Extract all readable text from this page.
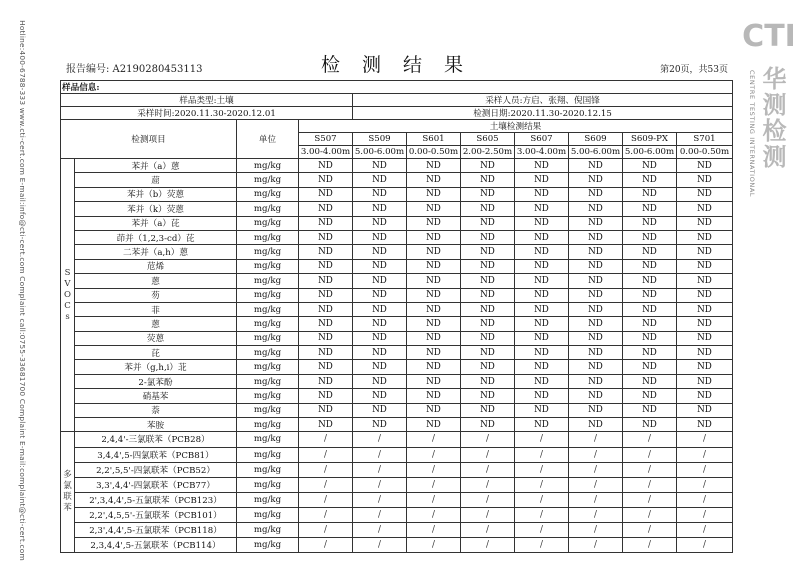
Hotline:400-6788-333 www.cti-cert.com E-mail:info@cti-cert.com Complaint call:0755-33681700 Complaint E-mail:complaint@cti-cert.com	CTI
CENTRE TESTING INTERNATIONAL 华测检测
报告编号: A2190280453113	检 测 结 果	第20页，共53页
样品信息:										
样品类型:土壤				采样人员:方启、张翔、倪国锋						
采样时间:2020.11.30-2020.12.01				检测日期:2020.11.30-2020.12.15						
检测项目		单位	土壤检测结果							
			S507	S509	S601	S605	S607	S609	S609-PX	S701
			3.00-4.00m	5.00-6.00m	0.00-0.50m	2.00-2.50m	3.00-4.00m	5.00-6.00m	5.00-6.00m	0.00-0.50m

S
V
O
C
s	苯并（a）蒽	mg/kg	ND	ND	ND	ND	ND	ND	ND	ND
	䓛	mg/kg	ND	ND	ND	ND	ND	ND	ND	ND
	苯并（b）荧蒽	mg/kg	ND	ND	ND	ND	ND	ND	ND	ND
	苯并（k）荧蒽	mg/kg	ND	ND	ND	ND	ND	ND	ND	ND
	苯并（a）芘	mg/kg	ND	ND	ND	ND	ND	ND	ND	ND
	茚并（1,2,3-cd）芘	mg/kg	ND	ND	ND	ND	ND	ND	ND	ND
	二苯并（a,h）蒽	mg/kg	ND	ND	ND	ND	ND	ND	ND	ND
	苊烯	mg/kg	ND	ND	ND	ND	ND	ND	ND	ND
	蒽	mg/kg	ND	ND	ND	ND	ND	ND	ND	ND
	芴	mg/kg	ND	ND	ND	ND	ND	ND	ND	ND
	菲	mg/kg	ND	ND	ND	ND	ND	ND	ND	ND
	蒽	mg/kg	ND	ND	ND	ND	ND	ND	ND	ND
	荧蒽	mg/kg	ND	ND	ND	ND	ND	ND	ND	ND
	芘	mg/kg	ND	ND	ND	ND	ND	ND	ND	ND
	苯并（g,h,i）苝	mg/kg	ND	ND	ND	ND	ND	ND	ND	ND
	2-氯苯酚	mg/kg	ND	ND	ND	ND	ND	ND	ND	ND
	硝基苯	mg/kg	ND	ND	ND	ND	ND	ND	ND	ND
	萘	mg/kg	ND	ND	ND	ND	ND	ND	ND	ND
	苯胺	mg/kg	ND	ND	ND	ND	ND	ND	ND	ND

多
氯
联
苯	2,4,4'-三氯联苯（PCB28）	mg/kg	/	/	/	/	/	/	/	/
	3,4,4',5-四氯联苯（PCB81）	mg/kg	/	/	/	/	/	/	/	/
	2,2',5,5'-四氯联苯（PCB52）	mg/kg	/	/	/	/	/	/	/	/
	3,3',4,4'-四氯联苯（PCB77）	mg/kg	/	/	/	/	/	/	/	/
	2',3,4,4',5-五氯联苯（PCB123）	mg/kg	/	/	/	/	/	/	/	/
	2,2',4,5,5'-五氯联苯（PCB101）	mg/kg	/	/	/	/	/	/	/	/
	2,3',4,4',5-五氯联苯（PCB118）	mg/kg	/	/	/	/	/	/	/	/
	2,3,4,4',5-五氯联苯（PCB114）	mg/kg	/	/	/	/	/	/	/	/
